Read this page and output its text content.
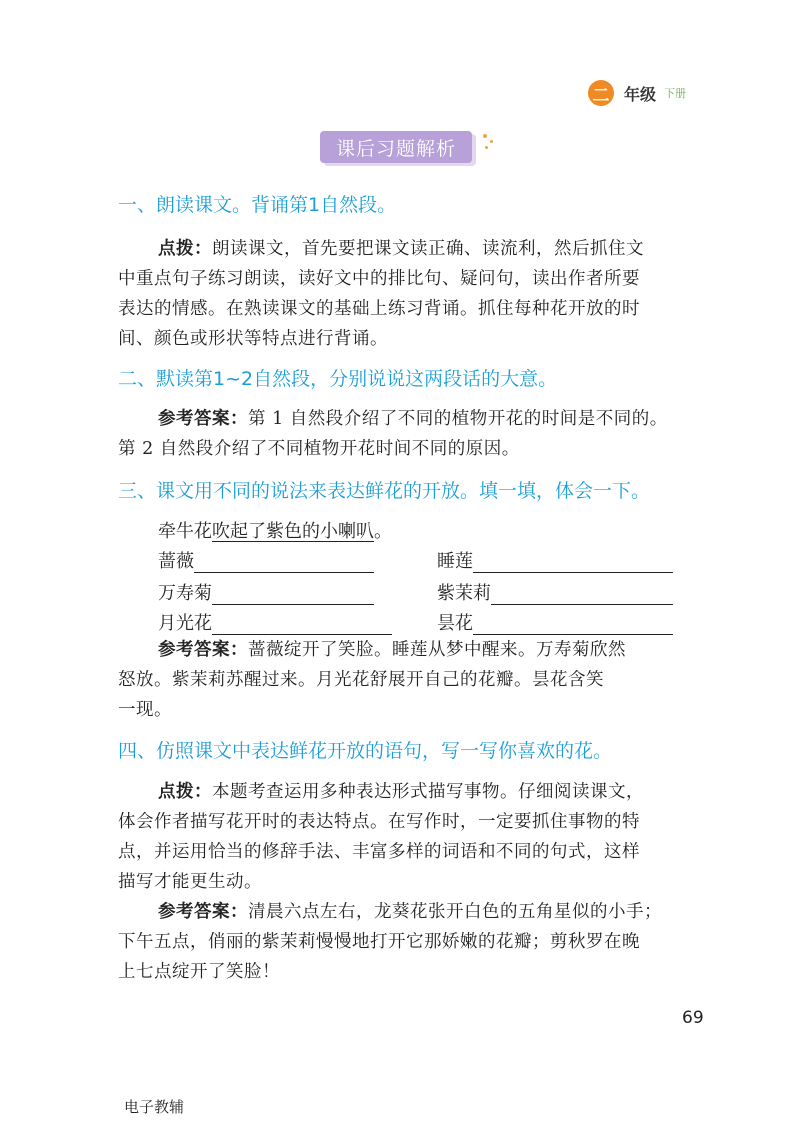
二 年级 下册
课后习题解析
一、朗读课文。背诵第1自然段。
点拨：朗读课文，首先要把课文读正确、读流利，然后抓住文
中重点句子练习朗读，读好文中的排比句、疑问句，读出作者所要
表达的情感。在熟读课文的基础上练习背诵。抓住每种花开放的时
间、颜色或形状等特点进行背诵。
二、默读第1~2自然段，分别说说这两段话的大意。
参考答案：第 1 自然段介绍了不同的植物开花的时间是不同的。
第 2 自然段介绍了不同植物开花时间不同的原因。
三、课文用不同的说法来表达鲜花的开放。填一填，体会一下。
牵牛花吹起了紫色的小喇叭。
蔷薇	睡莲
万寿菊	紫茉莉
月光花	昙花
参考答案：蔷薇绽开了笑脸。睡莲从梦中醒来。万寿菊欣然
怒放。紫茉莉苏醒过来。月光花舒展开自己的花瓣。昙花含笑
一现。
四、仿照课文中表达鲜花开放的语句，写一写你喜欢的花。
点拨：本题考查运用多种表达形式描写事物。仔细阅读课文，
体会作者描写花开时的表达特点。在写作时，一定要抓住事物的特
点，并运用恰当的修辞手法、丰富多样的词语和不同的句式，这样
描写才能更生动。
参考答案：清晨六点左右，龙葵花张开白色的五角星似的小手；
下午五点，俏丽的紫茉莉慢慢地打开它那娇嫩的花瓣；剪秋罗在晚
上七点绽开了笑脸！
69
电子教辅
